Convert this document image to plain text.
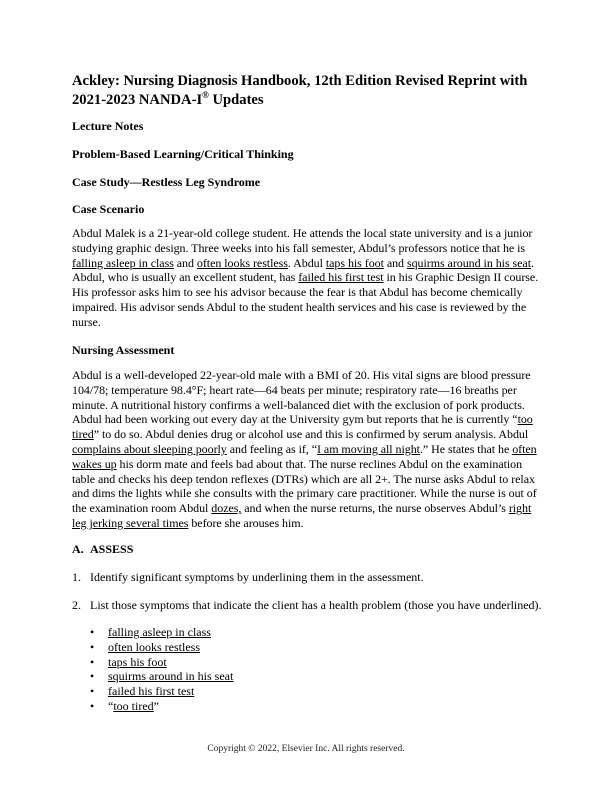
Ackley: Nursing Diagnosis Handbook, 12th Edition Revised Reprint with 2021-2023 NANDA-I® Updates

Lecture Notes

Problem-Based Learning/Critical Thinking

Case Study—Restless Leg Syndrome

Case Scenario

Abdul Malek is a 21-year-old college student. He attends the local state university and is a junior studying graphic design. Three weeks into his fall semester, Abdul’s professors notice that he is falling asleep in class and often looks restless. Abdul taps his foot and squirms around in his seat. Abdul, who is usually an excellent student, has failed his first test in his Graphic Design II course. His professor asks him to see his advisor because the fear is that Abdul has become chemically impaired. His advisor sends Abdul to the student health services and his case is reviewed by the nurse.

Nursing Assessment

Abdul is a well-developed 22-year-old male with a BMI of 20. His vital signs are blood pressure 104/78; temperature 98.4°F; heart rate—64 beats per minute; respiratory rate—16 breaths per minute. A nutritional history confirms a well-balanced diet with the exclusion of pork products. Abdul had been working out every day at the University gym but reports that he is currently “too tired” to do so. Abdul denies drug or alcohol use and this is confirmed by serum analysis. Abdul complains about sleeping poorly and feeling as if, “I am moving all night.” He states that he often wakes up his dorm mate and feels bad about that. The nurse reclines Abdul on the examination table and checks his deep tendon reflexes (DTRs) which are all 2+. The nurse asks Abdul to relax and dims the lights while she consults with the primary care practitioner. While the nurse is out of the examination room Abdul dozes, and when the nurse returns, the nurse observes Abdul’s right leg jerking several times before she arouses him.

A. ASSESS

1. Identify significant symptoms by underlining them in the assessment.

2. List those symptoms that indicate the client has a health problem (those you have underlined).

• falling asleep in class
• often looks restless
• taps his foot
• squirms around in his seat
• failed his first test
• “too tired”

Copyright © 2022, Elsevier Inc. All rights reserved.
